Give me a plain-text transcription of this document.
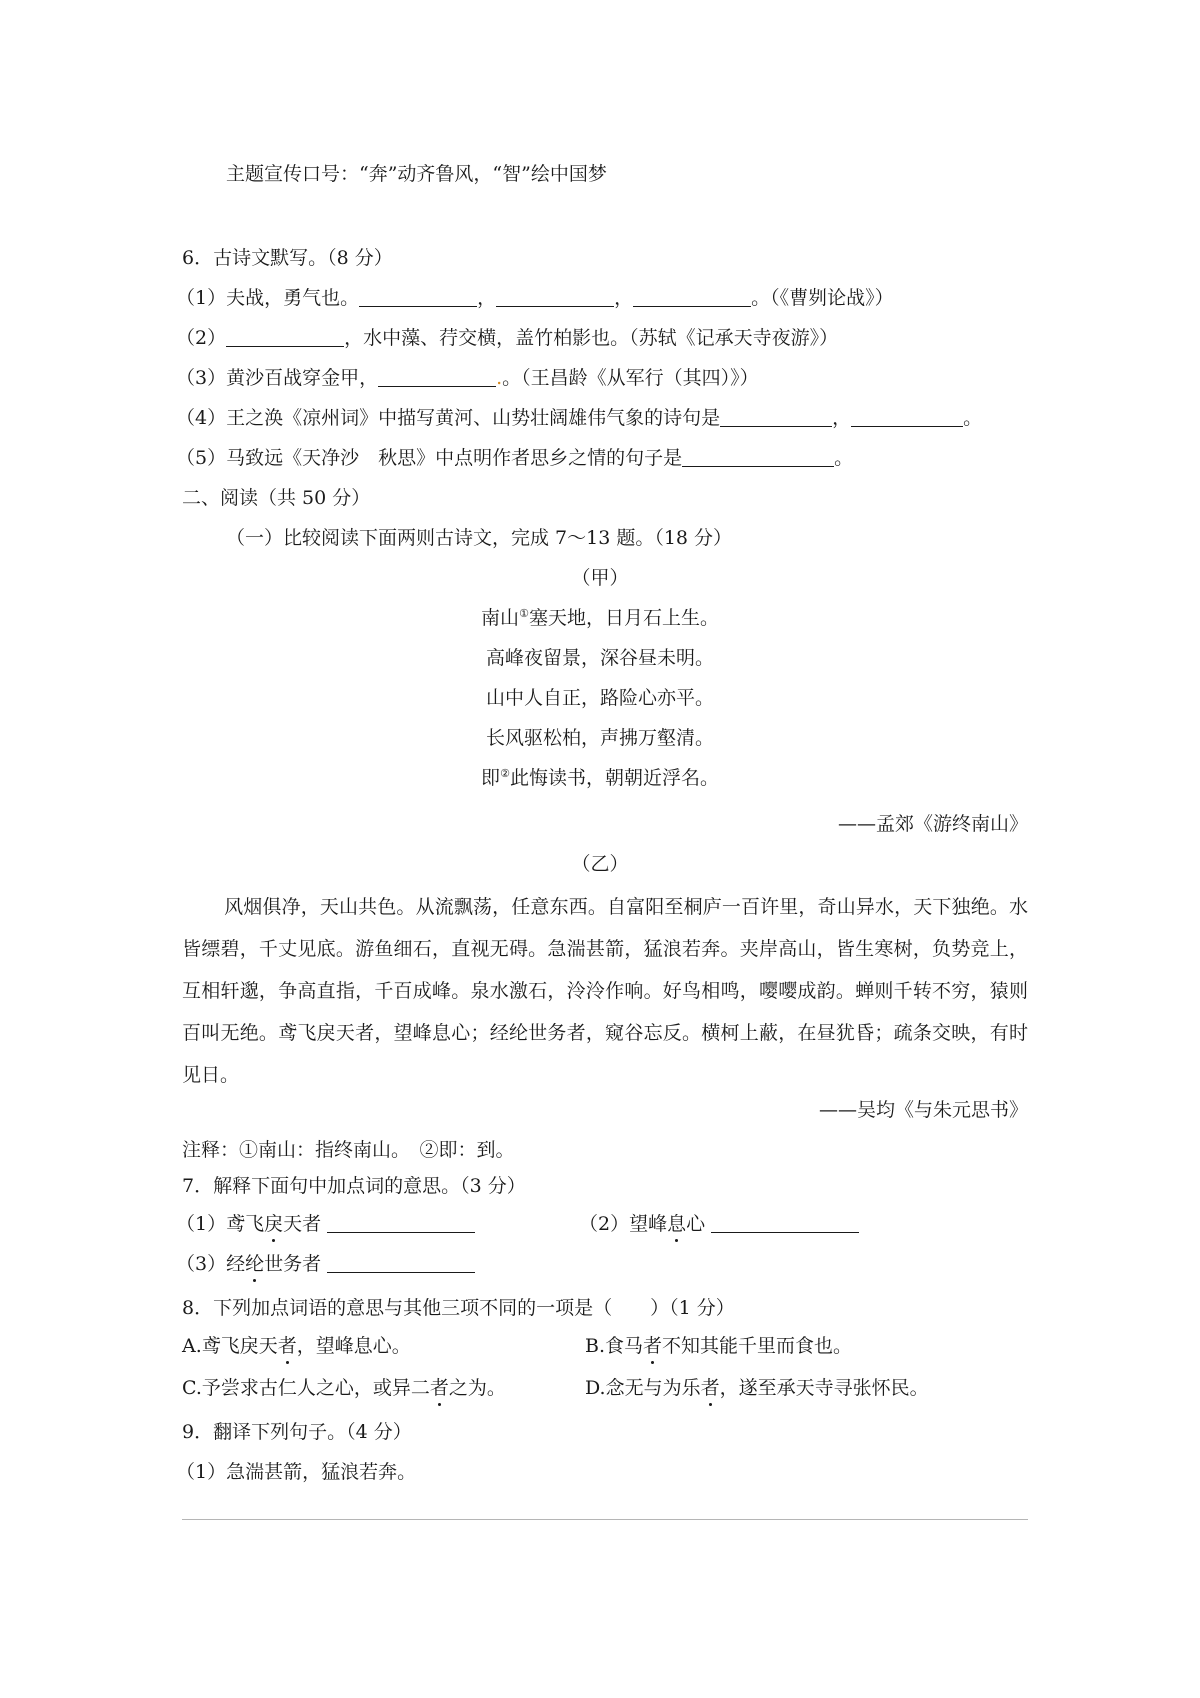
主题宣传口号：“奔”动齐鲁风，“智”绘中国梦
6．古诗文默写。（8 分）
（1）夫战，勇气也。	，	，	。（《曹刿论战》）
（2）	，水中藻、荇交横，盖竹柏影也。（苏轼《记承天寺夜游》）
（3）黄沙百战穿金甲，	.。（王昌龄《从军行（其四）》）
（4）王之涣《凉州词》中描写黄河、山势壮阔雄伟气象的诗句是	，	。
（5）马致远《天净沙　秋思》中点明作者思乡之情的句子是	。
二、阅读（共 50 分）
（一）比较阅读下面两则古诗文，完成 7～13 题。（18 分）
（甲）
南山①塞天地，日月石上生。
高峰夜留景，深谷昼未明。
山中人自正，路险心亦平。
长风驱松柏，声拂万壑清。
即②此悔读书，朝朝近浮名。
——孟郊《游终南山》
（乙）
风烟俱净，天山共色。从流飘荡，任意东西。自富阳至桐庐一百许里，奇山异水，天下独绝。水皆缥碧，千丈见底。游鱼细石，直视无碍。急湍甚箭，猛浪若奔。夹岸高山，皆生寒树，负势竞上，互相轩邈，争高直指，千百成峰。泉水激石，泠泠作响。好鸟相鸣，嘤嘤成韵。蝉则千转不穷，猿则百叫无绝。鸢飞戾天者，望峰息心；经纶世务者，窥谷忘反。横柯上蔽，在昼犹昏；疏条交映，有时见日。
——吴均《与朱元思书》
注释：①南山：指终南山。　②即：到。
7．解释下面句中加点词的意思。（3 分）
（1）鸢飞戾天者	（2）望峰息心
（3）经纶世务者
8．下列加点词语的意思与其他三项不同的一项是（　　）（1 分）
A.鸢飞戾天者，望峰息心。	B.食马者不知其能千里而食也。
C.予尝求古仁人之心，或异二者之为。	D.念无与为乐者，遂至承天寺寻张怀民。
9．翻译下列句子。（4 分）
（1）急湍甚箭，猛浪若奔。
